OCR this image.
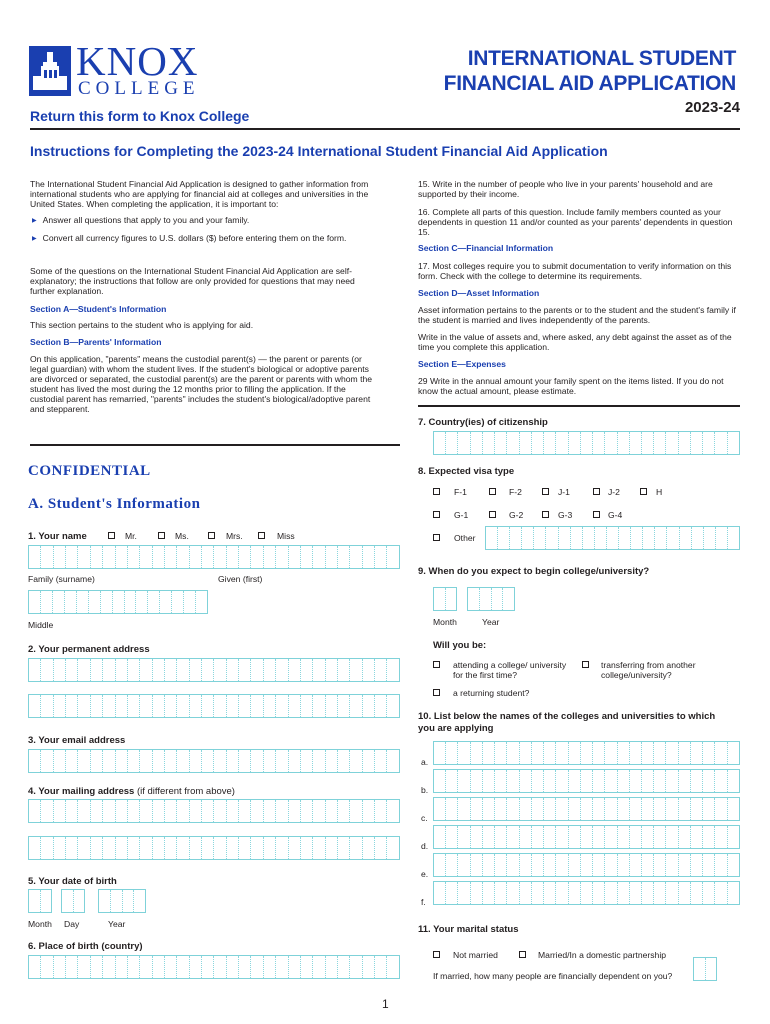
KNOX
COLLEGE
INTERNATIONAL STUDENT
FINANCIAL AID APPLICATION
2023-24
Return this form to Knox College
Instructions for Completing the 2023-24 International Student Financial Aid Application
The International Student Financial Aid Application is designed to gather information from international students who are applying for financial aid at colleges and universities in the United States. When completing the application, it is important to:
▶ Answer all questions that apply to you and your family.
▶ Convert all currency figures to U.S. dollars ($) before entering them on the form.
Some of the questions on the International Student Financial Aid Application are self-explanatory; the instructions that follow are only provided for questions that may need further explanation.
Section A—Student's Information
This section pertains to the student who is applying for aid.
Section B—Parents' Information
On this application, "parents" means the custodial parent(s) — the parent or parents (or legal guardian) with whom the student lives. If the student's biological or adoptive parents are divorced or separated, the custodial parent(s) are the parent or parents with whom the student has lived the most during the 12 months prior to filling the application. If the custodial parent has remarried, "parents" includes the student's biological/adoptive parent and stepparent.
15. Write in the number of people who live in your parents' household and are supported by their income.
16. Complete all parts of this question. Include family members counted as your dependents in question 11 and/or counted as your parents' dependents in question 15.
Section C—Financial Information
17. Most colleges require you to submit documentation to verify information on this form. Check with the college to determine its requirements.
Section D—Asset Information
Asset information pertains to the parents or to the student and the student's family if the student is married and lives independently of the parents.
Write in the value of assets and, where asked, any debt against the asset as of the time you complete this application.
Section E—Expenses
29 Write in the annual amount your family spent on the items listed. If you do not know the actual amount, please estimate.
CONFIDENTIAL
A. Student's Information
1. Your name	Mr.	Ms.	Mrs.	Miss
Family (surname)	Given (first)
Middle
2. Your permanent address
3. Your email address
4. Your mailing address (if different from above)
5. Your date of birth
Month Day	Year
6. Place of birth (country)
7. Country(ies) of citizenship
8. Expected visa type
F-1	F-2	J-1	J-2	H
G-1	G-2	G-3	G-4
Other
9. When do you expect to begin college/university?
Month	Year
Will you be:
attending a college/ university for the first time?
transferring from another college/university?
a returning student?
10. List below the names of the colleges and universities to which you are applying
a.
b.
c.
d.
e.
f.
11. Your marital status
Not married	Married/In a domestic partnership
If married, how many people are financially dependent on you?
1
